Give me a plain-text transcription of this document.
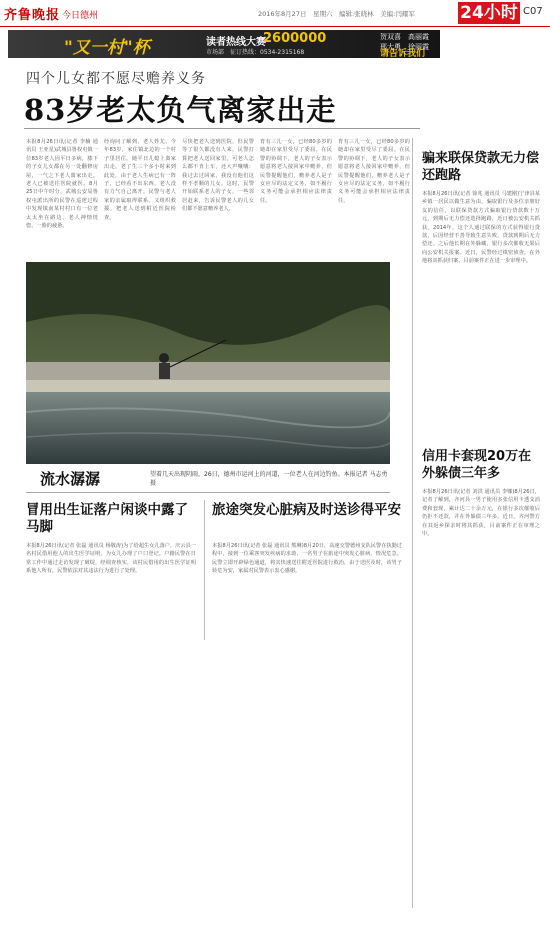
齐鲁晚报 今日德州	2016年8月27日　星期六　编辑:张晓林　美编:闫耀军	24小时 C07
"又一村"杯	读者热线大赛
2600000
市场部　征订热线：0534-2315168
贺双喜　高丽霞　邢大勇　徐丽霞
请告诉我们
四个儿女都不愿尽赡养义务
83岁老太负气离家出走
本报8月26日讯(记者 李楠 通讯员 王亚星)武城县鲁权屯镇一位83岁老人因平日多病，膝下的子女儿女都在另一处翻修房屋，一气之下老人离家出走。老人已被送往医院就医。8月25日中午时分，武城公安局鲁权屯派出所的民警在巡逻过程中发现镇南某村村口有一位老太太坐在路边，老人神情恍惚，一脸的疲惫。
经询问了解到，老人姓尤，今年83岁，家住镇北边的一个村子里居住。她平日儿媳上离家出走，老了生三个多小时来到此处，由于老人生病已有一阵子，已经看不出东西，老人没有力气自己离开。民警与老人家的亲属取得联系。又组织救援，把老人送到附近医院检查。
尽快把老人送到医院，但民警等了很久都没有人来，民警打算把老人送回家里。可老人怎么都不肯上车，还大声嚷嚷：我过去过回家，我没有他们这样不孝顺的儿女。这时，民警开始联系老人的子女，一些邻居赶来，告诉民警老人的儿女们都不愿意赡养老人。
育有三儿一女，已经80多岁的她却在家里受尽了委屈。在民警的协调下，老人的子女表示愿意将老人接回家中赡养，但民警提醒他们，赡养老人是子女应尽的法定义务，如不履行义务可能会承担相应法律责任。
育有三儿一女，已经80多岁的她却在家里受尽了委屈。在民警的协调下，老人的子女表示愿意将老人接回家中赡养，但民警提醒他们，赡养老人是子女应尽的法定义务，如不履行义务可能会承担相应法律责任。
流水潺潺	望着几天出现阴雨，26日，德州市运河上的河道，一位老人在河边钓鱼。本报记者 马志勇 摄
骗来联保贷款无力偿还跑路
本报8月26日讯(记者 徐兆 通讯员 马建刚)宁津县某乡镇一居民以做生意为由，骗取银行及多位亲朋好友的信任，以联保贷款方式骗取银行贷款数十万元，到期后无力偿还选择跑路，近日被公安机关抓获。2014年，这个人通过联保的方式获得银行贷款，后因经营不善导致生意失败，贷款到期后无力偿还。之后他长期在外躲藏，银行多次催收无果后向公安机关报案。近日，民警经过缜密侦查，在外地将其抓获归案，目前案件正在进一步审理中。
信用卡套现20万在外躲债三年多
本报8月26日讯(记者 刘洪 通讯员 李娜)8月26日，记者了解到，齐河县一男子使用多张信用卡透支消费和套现，累计达二十余万元，在银行多次催收后仍拒不还款，并在外躲债三年多。近日，齐河警方在其返乡探亲时将其抓获，目前案件正在审理之中。
冒用出生证落户闲谈中露了马脚
本报8月26日讯(记者 张磊 通讯员 杨敬涛)为了给超生女儿落户，庆云县一名村民借用他人的出生医学证明，为女儿办理了户口登记。户籍民警在日常工作中通过走访发现了破绽，经调查核实，该村民借用的出生医学证明系他人所有，民警依法对其违法行为进行了处理。
旅途突发心脏病及时送诊得平安
本报8月26日讯(记者 张磊 通讯员 熊琳)8月20日，高速交警德州支队民警在执勤过程中，接到一位乘客突发疾病的求助，一名男子在旅途中突发心脏病，情况危急。民警立即开辟绿色通道，将其快速送往附近医院进行救治，由于送医及时，该男子转危为安，家属对民警表示衷心感谢。
